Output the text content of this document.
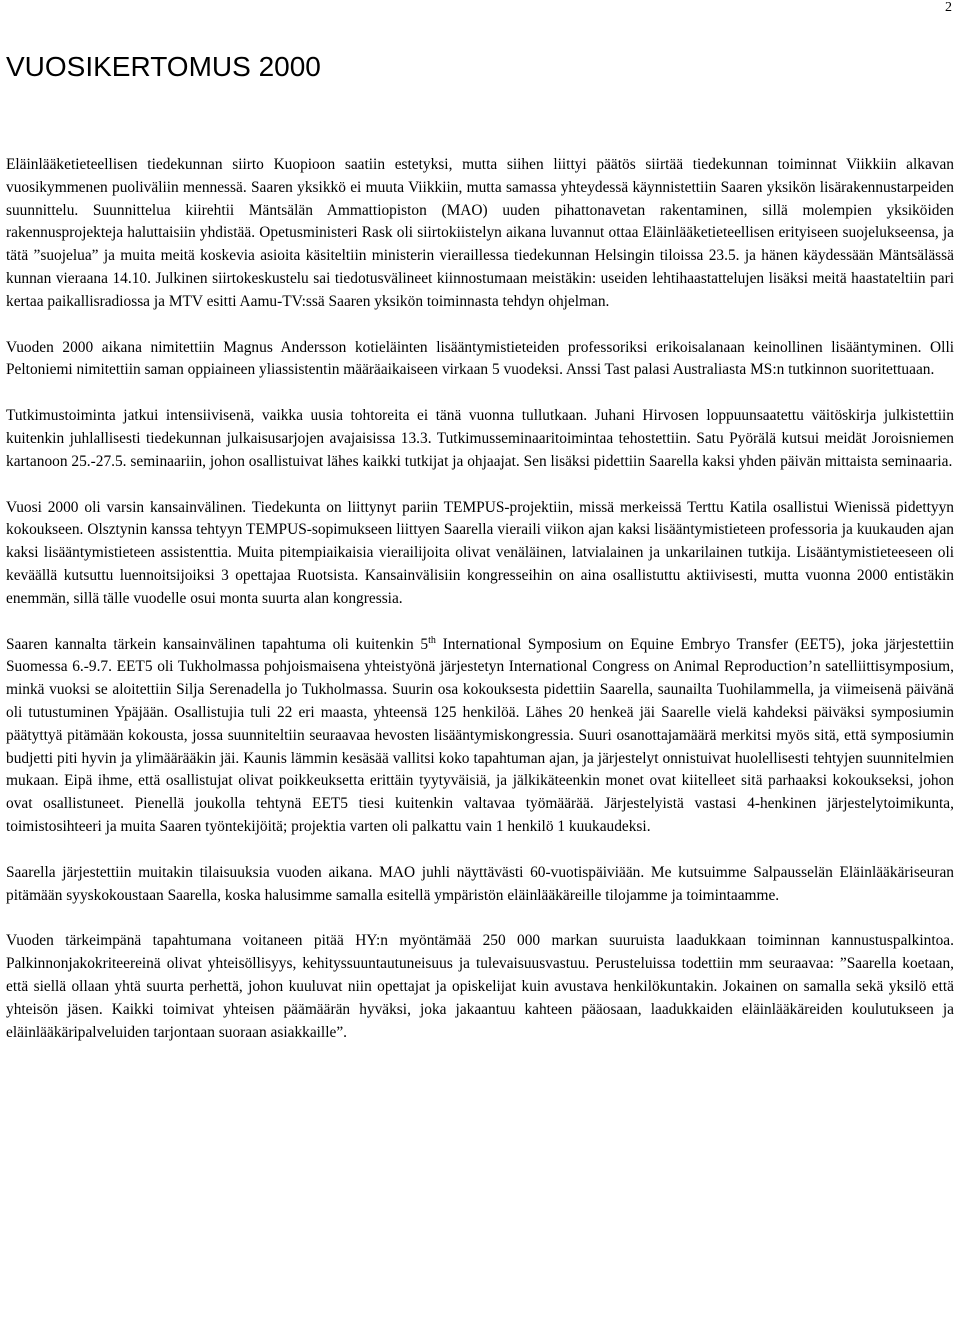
2
VUOSIKERTOMUS 2000

Eläinlääketieteellisen tiedekunnan siirto Kuopioon saatiin estetyksi, mutta siihen liittyi päätös siirtää tiedekunnan toiminnat Viikkiin alkavan vuosikymmenen puoliväliin mennessä. Saaren yksikkö ei muuta Viikkiin, mutta samassa yhteydessä käynnistettiin Saaren yksikön lisärakennustarpeiden suunnittelu. Suunnittelua kiirehtii Mäntsälän Ammattiopiston (MAO) uuden pihattonavetan rakentaminen, sillä molempien yksiköiden rakennusprojekteja haluttaisiin yhdistää. Opetusministeri Rask oli siirtokiistelyn aikana luvannut ottaa Eläinlääketieteellisen erityiseen suojelukseensa, ja tätä ”suojelua” ja muita meitä koskevia asioita käsiteltiin ministerin vieraillessa tiedekunnan Helsingin tiloissa 23.5. ja hänen käydessään Mäntsälässä kunnan vieraana 14.10. Julkinen siirtokeskustelu sai tiedotusvälineet kiinnostumaan meistäkin: useiden lehtihaastattelujen lisäksi meitä haastateltiin pari kertaa paikallisradiossa ja MTV esitti Aamu-TV:ssä Saaren yksikön toiminnasta tehdyn ohjelman.

Vuoden 2000 aikana nimitettiin Magnus Andersson kotieläinten lisääntymistieteiden professoriksi erikoisalanaan keinollinen lisääntyminen. Olli Peltoniemi nimitettiin saman oppiaineen yliassistentin määräaikaiseen virkaan 5 vuodeksi. Anssi Tast palasi Australiasta MS:n tutkinnon suoritettuaan.

Tutkimustoiminta jatkui intensiivisenä, vaikka uusia tohtoreita ei tänä vuonna tullutkaan. Juhani Hirvosen loppuunsaatettu väitöskirja julkistettiin kuitenkin juhlallisesti tiedekunnan julkaisusarjojen avajaisissa 13.3. Tutkimusseminaaritoimintaa tehostettiin. Satu Pyörälä kutsui meidät Joroisniemen kartanoon 25.-27.5. seminaariin, johon osallistuivat lähes kaikki tutkijat ja ohjaajat. Sen lisäksi pidettiin Saarella kaksi yhden päivän mittaista seminaaria.

Vuosi 2000 oli varsin kansainvälinen. Tiedekunta on liittynyt pariin TEMPUS-projektiin, missä merkeissä Terttu Katila osallistui Wienissä pidettyyn kokoukseen. Olsztynin kanssa tehtyyn TEMPUS-sopimukseen liittyen Saarella vieraili viikon ajan kaksi lisääntymistieteen professoria ja kuukauden ajan kaksi lisääntymistieteen assistenttia. Muita pitempiaikaisia vierailijoita olivat venäläinen, latvialainen ja unkarilainen tutkija. Lisääntymistieteeseen oli keväällä kutsuttu luennoitsijoiksi 3 opettajaa Ruotsista. Kansainvälisiin kongresseihin on aina osallistuttu aktiivisesti, mutta vuonna 2000 entistäkin enemmän, sillä tälle vuodelle osui monta suurta alan kongressia.

Saaren kannalta tärkein kansainvälinen tapahtuma oli kuitenkin 5th International Symposium on Equine Embryo Transfer (EET5), joka järjestettiin Suomessa 6.-9.7. EET5 oli Tukholmassa pohjoismaisena yhteistyönä järjestetyn International Congress on Animal Reproduction’n satelliittisymposium, minkä vuoksi se aloitettiin Silja Serenadella jo Tukholmassa. Suurin osa kokouksesta pidettiin Saarella, saunailta Tuohilammella, ja viimeisenä päivänä oli tutustuminen Ypäjään. Osallistujia tuli 22 eri maasta, yhteensä 125 henkilöä. Lähes 20 henkeä jäi Saarelle vielä kahdeksi päiväksi symposiumin päätyttyä pitämään kokousta, jossa suunniteltiin seuraavaa hevosten lisääntymiskongressia. Suuri osanottajamäärä merkitsi myös sitä, että symposiumin budjetti piti hyvin ja ylimäärääkin jäi. Kaunis lämmin kesäsää vallitsi koko tapahtuman ajan, ja järjestelyt onnistuivat huolellisesti tehtyjen suunnitelmien mukaan. Eipä ihme, että osallistujat olivat poikkeuksetta erittäin tyytyväisiä, ja jälkikäteenkin monet ovat kiitelleet sitä parhaaksi kokoukseksi, johon ovat osallistuneet. Pienellä joukolla tehtynä EET5 tiesi kuitenkin valtavaa työmäärää. Järjestelyistä vastasi 4-henkinen järjestelytoimikunta, toimistosihteeri ja muita Saaren työntekijöitä; projektia varten oli palkattu vain 1 henkilö 1 kuukaudeksi.

Saarella järjestettiin muitakin tilaisuuksia vuoden aikana. MAO juhli näyttävästi 60-vuotispäiviään. Me kutsuimme Salpausselän Eläinlääkäriseuran pitämään syyskokoustaan Saarella, koska halusimme samalla esitellä ympäristön eläinlääkäreille tilojamme ja toimintaamme.

Vuoden tärkeimpänä tapahtumana voitaneen pitää HY:n myöntämää 250 000 markan suuruista laadukkaan toiminnan kannustuspalkintoa. Palkinnonjakokriteereinä olivat yhteisöllisyys, kehityssuuntautuneisuus ja tulevaisuusvastuu. Perusteluissa todettiin mm seuraavaa: ”Saarella koetaan, että siellä ollaan yhtä suurta perhettä, johon kuuluvat niin opettajat ja opiskelijat kuin avustava henkilökuntakin. Jokainen on samalla sekä yksilö että yhteisön jäsen. Kaikki toimivat yhteisen päämäärän hyväksi, joka jakaantuu kahteen pääosaan, laadukkaiden eläinlääkäreiden koulutukseen ja eläinlääkäripalveluiden tarjontaan suoraan asiakkaille”.
